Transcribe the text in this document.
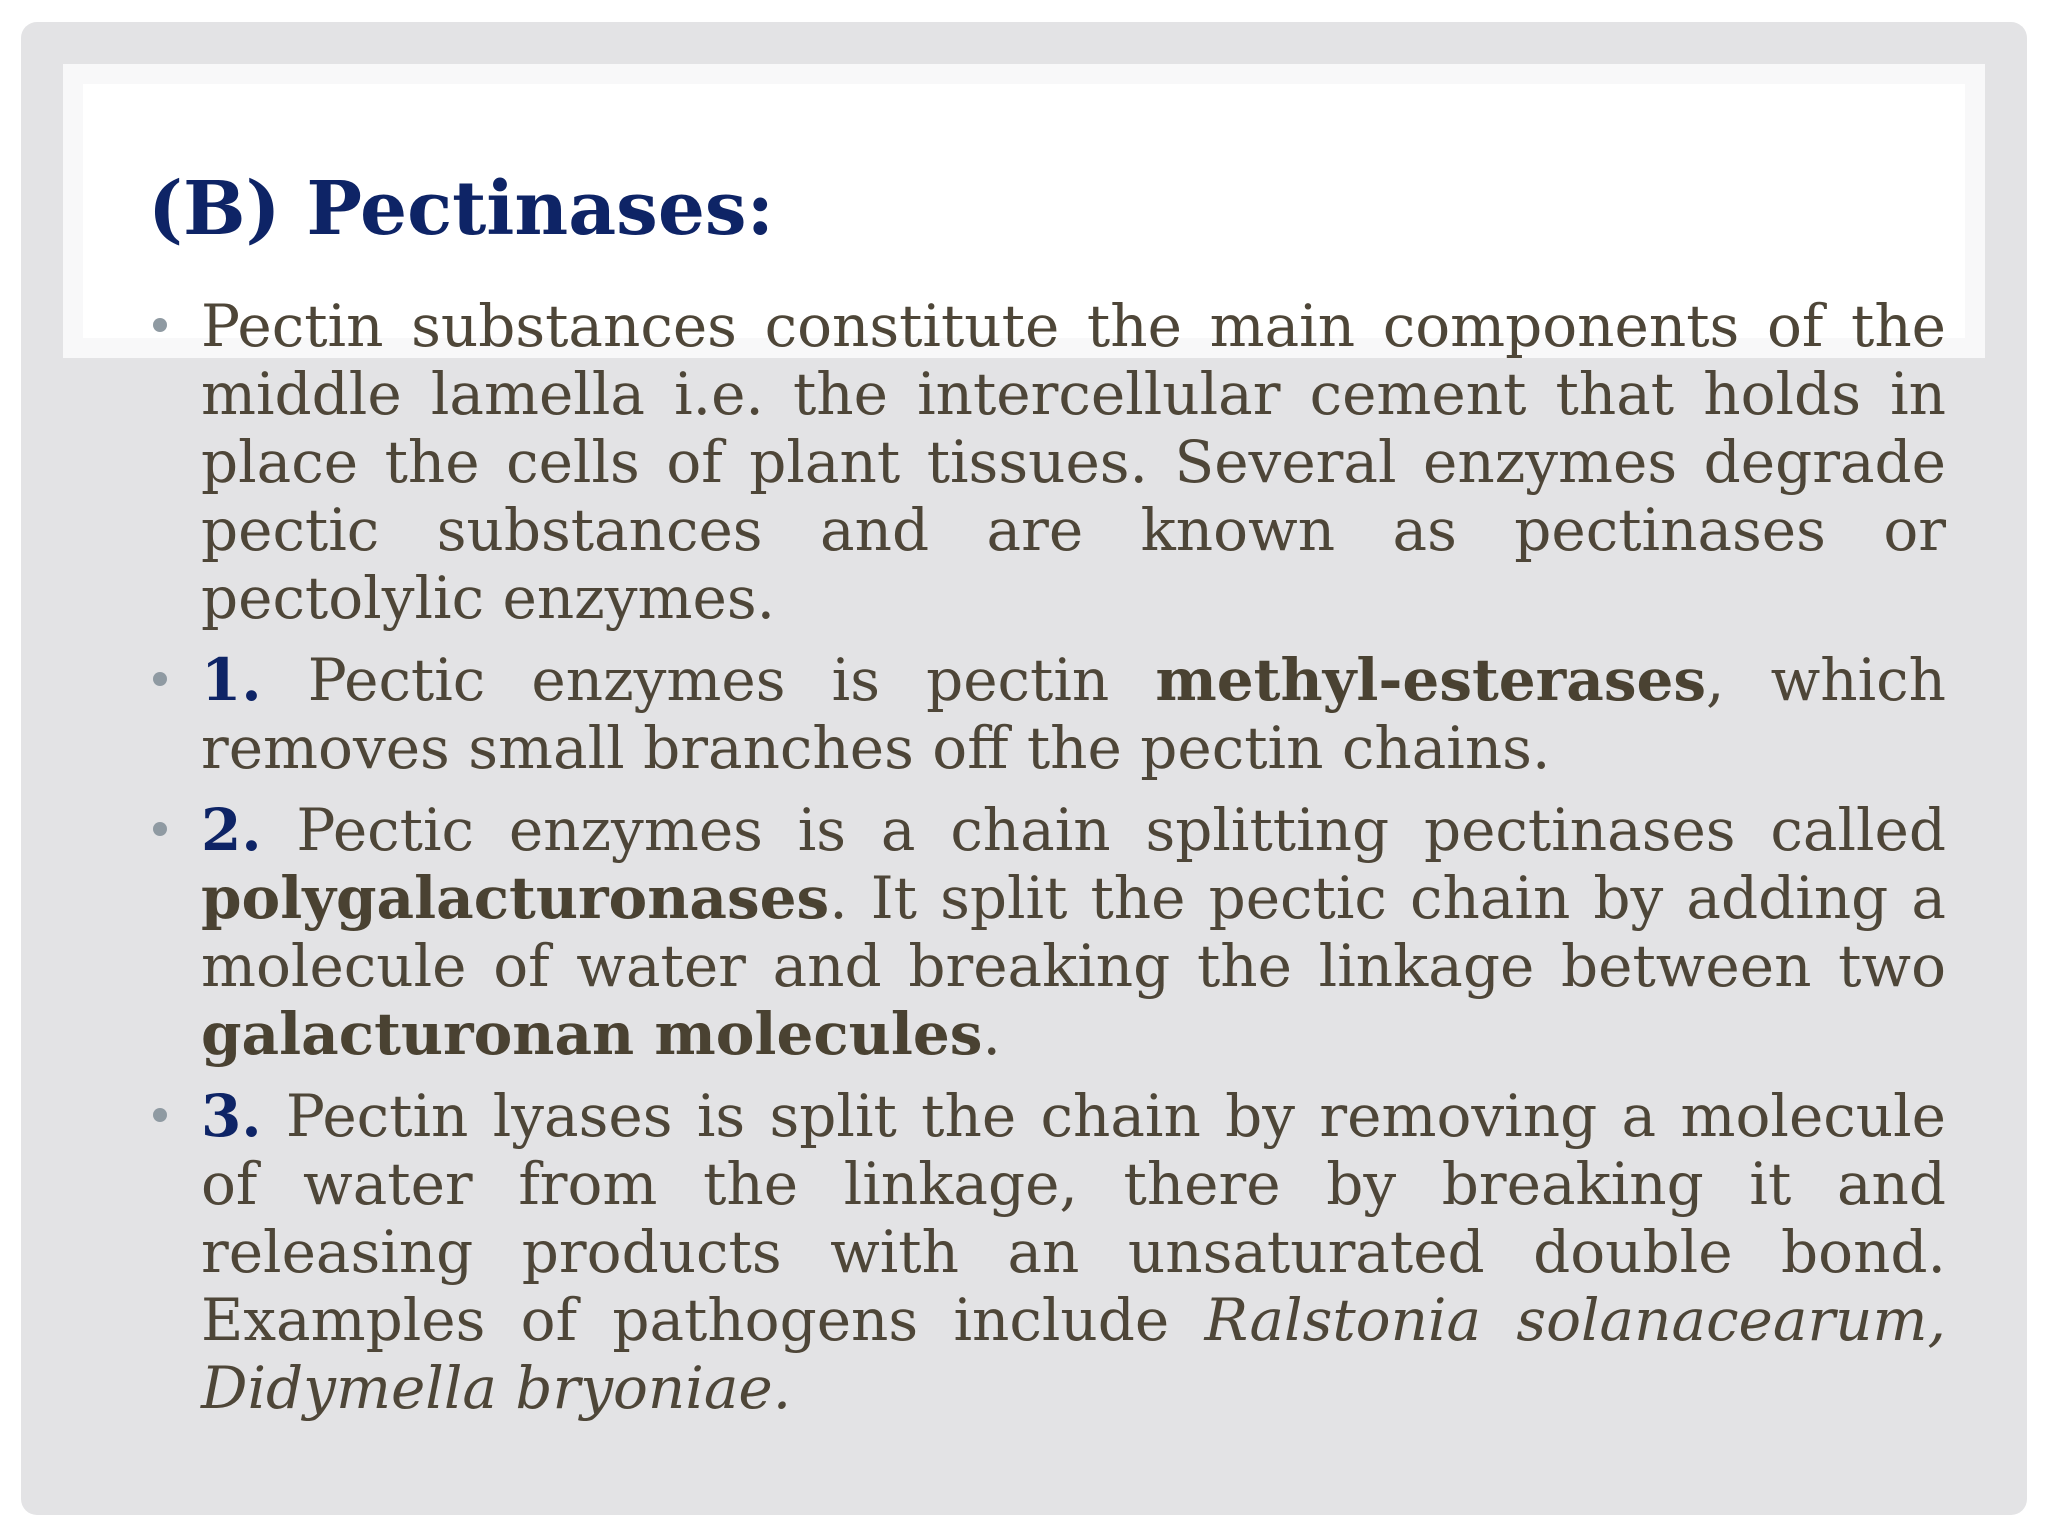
(B) Pectinases:
Pectin substances constitute the main components of the middle lamella i.e. the intercellular cement that holds in place the cells of plant tissues. Several enzymes degrade pectic substances and are known as pectinases or pectolylic enzymes.
1. Pectic enzymes is pectin methyl-esterases, which removes small branches off the pectin chains.
2. Pectic enzymes is a chain splitting pectinases called polygalacturonases. It split the pectic chain by adding a molecule of water and breaking the linkage between two galacturonan molecules.
3. Pectin lyases is split the chain by removing a molecule of water from the linkage, there by breaking it and releasing products with an unsaturated double bond. Examples of pathogens include Ralstonia solanacearum, Didymella bryoniae.
